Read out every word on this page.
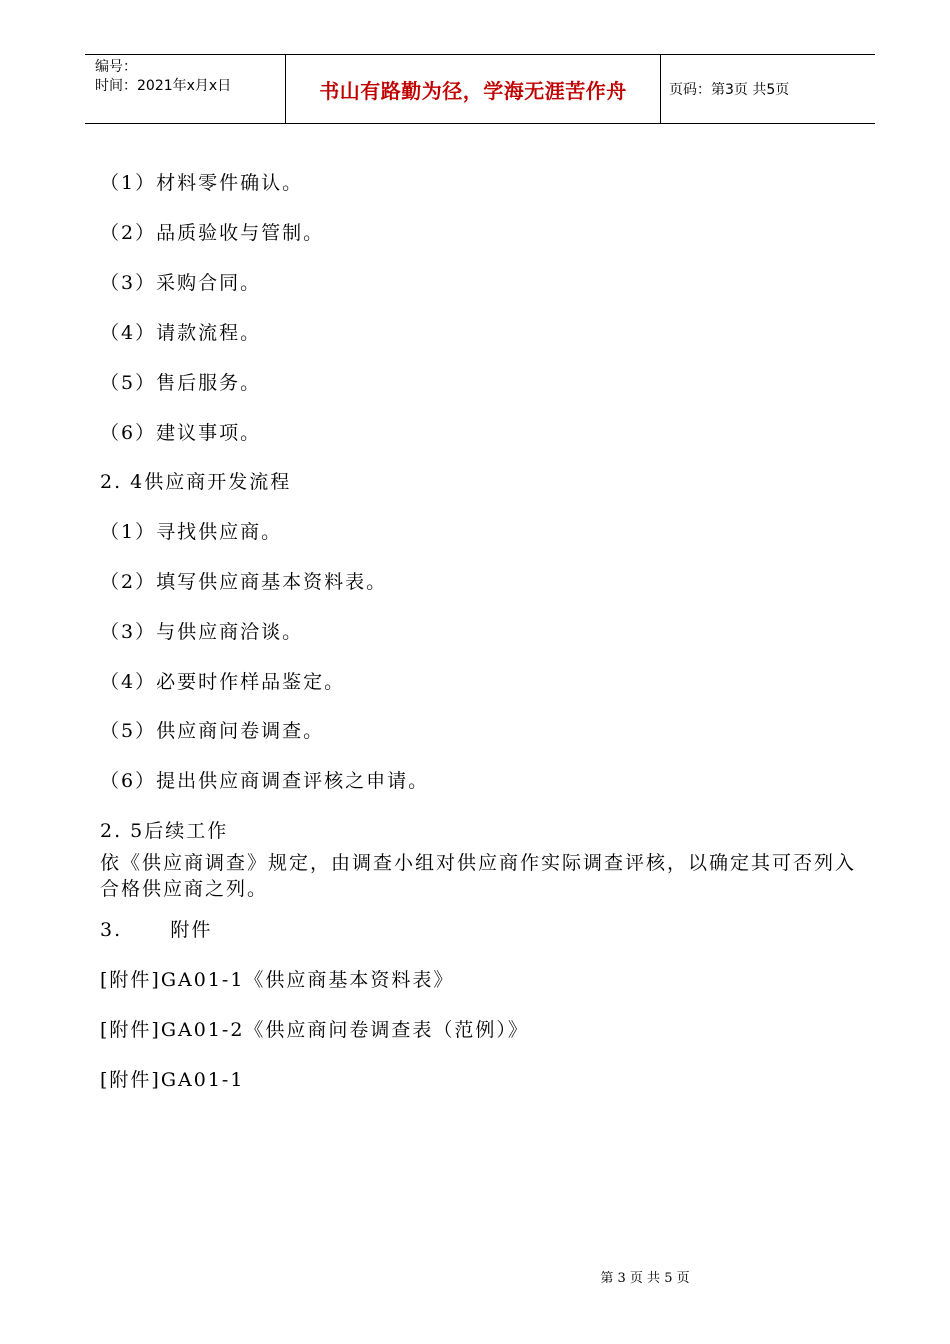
编号：
时间：2021年x月x日	书山有路勤为径，学海无涯苦作舟	页码：第3页 共5页
（1）材料零件确认。
（2）品质验收与管制。
（3）采购合同。
（4）请款流程。
（5）售后服务。
（6）建议事项。
2. 4供应商开发流程
（1）寻找供应商。
（2）填写供应商基本资料表。
（3）与供应商洽谈。
（4）必要时作样品鉴定。
（5）供应商问卷调查。
（6）提出供应商调查评核之申请。
2. 5后续工作
依《供应商调查》规定，由调查小组对供应商作实际调查评核，以确定其可否列入合格供应商之列。
3.      附件
[附件]GA01-1《供应商基本资料表》
[附件]GA01-2《供应商问卷调查表（范例）》
[附件]GA01-1
第 3 页 共 5 页
